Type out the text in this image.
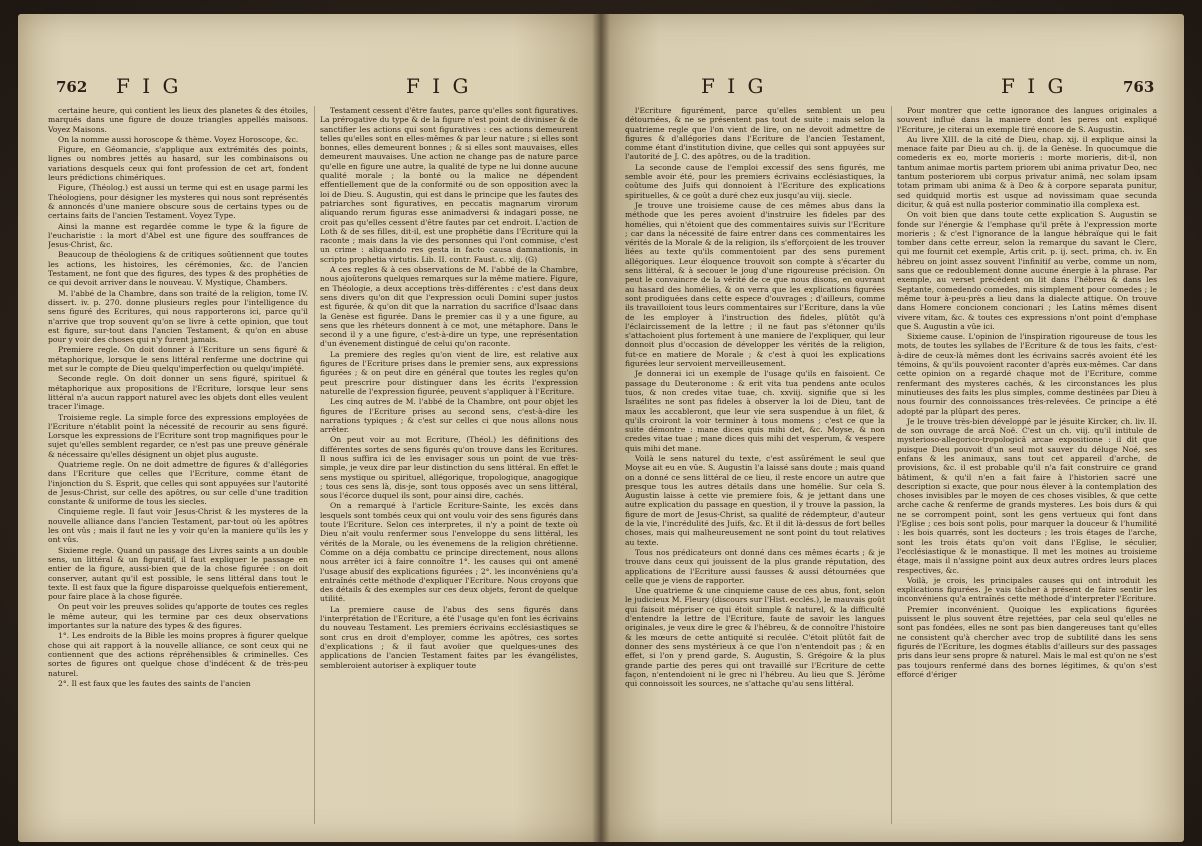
762 F I G	F I G

certaine heure, qui contient les lieux des planetes & des étoiles, marqués dans une figure de douze triangles appellés maisons. Voyez Maisons.

On la nomme aussi horoscope & thème. Voyez Horoscope, &c.

Figure, en Géomancie, s'applique aux extrémités des points, lignes ou nombres jettés au hasard, sur les combinaisons ou variations desquels ceux qui font profession de cet art, fondent leurs prédictions chimériques.

Figure, (Théolog.) est aussi un terme qui est en usage parmi les Théologiens, pour désigner les mysteres qui nous sont représentés & annoncés d'une maniere obscure sous de certains types ou de certains faits de l'ancien Testament. Voyez Type.

Ainsi la manne est regardée comme le type & la figure de l'eucharistie : la mort d'Abel est une figure des souffrances de Jesus-Christ, &c.

Beaucoup de théologiens & de critiques soûtiennent que toutes les actions, les histoires, les cérémonies, &c. de l'ancien Testament, ne font que des figures, des types & des prophéties de ce qui devoit arriver dans le nouveau. V. Mystique, Chambers.

M. l'abbé de la Chambre, dans son traité de la religion, tome IV. dissert. iv. p. 270. donne plusieurs regles pour l'intelligence du sens figuré des Ecritures, qui nous rapporterons ici, parce qu'il n'arrive que trop souvent qu'on se livre à cette opinion, que tout est figure, sur-tout dans l'ancien Testament, & qu'on en abuse pour y voir des choses qui n'y furent jamais.

Premiere regle. On doit donner à l'Ecriture un sens figuré & métaphorique, lorsque le sens littéral renferme une doctrine qui met sur le compte de Dieu quelqu'imperfection ou quelqu'impiété.

Seconde regle. On doit donner un sens figuré, spirituel & métaphorique aux propositions de l'Ecriture, lorsque leur sens littéral n'a aucun rapport naturel avec les objets dont elles veulent tracer l'image.

Troisieme regle. La simple force des expressions employées de l'Ecriture n'établit point la nécessité de recourir au sens figuré. Lorsque les expressions de l'Ecriture sont trop magnifiques pour le sujet qu'elles semblent regarder, ce n'est pas une preuve générale & nécessaire qu'elles désignent un objet plus auguste.

Quatrieme regle. On ne doit admettre de figures & d'allégories dans l'Ecriture que celles que l'Ecriture, comme étant de l'injonction du S. Esprit, que celles qui sont appuyées sur l'autorité de Jesus-Christ, sur celle des apôtres, ou sur celle d'une tradition constante & uniforme de tous les siecles.

Cinquieme regle. Il faut voir Jesus-Christ & les mysteres de la nouvelle alliance dans l'ancien Testament, par-tout où les apôtres les ont vûs ; mais il faut ne les y voir qu'en la maniere qu'ils les y ont vûs.

Sixieme regle. Quand un passage des Livres saints a un double sens, un littéral & un figuratif, il faut expliquer le passage en entier de la figure, aussi-bien que de la chose figurée : on doit conserver, autant qu'il est possible, le sens littéral dans tout le texte. Il est faux que la figure disparoisse quelquefois entierement, pour faire place à la chose figurée.

On peut voir les preuves solides qu'apporte de toutes ces regles le même auteur, qui les termine par ces deux observations importantes sur la nature des types & des figures.

1°. Les endroits de la Bible les moins propres à figurer quelque chose qui ait rapport à la nouvelle alliance, ce sont ceux qui ne contiennent que des actions répréhensibles & criminelles. Ces sortes de figures ont quelque chose d'indécent & de très-peu naturel.

2°. Il est faux que les fautes des saints de l'ancien

Testament cessent d'être fautes, parce qu'elles sont figuratives. La prérogative du type & de la figure n'est point de diviniser & de sanctifier les actions qui sont figuratives : ces actions demeurent telles qu'elles sont en elles-mêmes & par leur nature ; si elles sont bonnes, elles demeurent bonnes ; & si elles sont mauvaises, elles demeurent mauvaises. Une action ne change pas de nature parce qu'elle en figure une autre, la qualité de type ne lui donne aucune qualité morale ; la bonté ou la malice ne dépendent effentiellement que de la conformité ou de son opposition avec la loi de Dieu. S. Augustin, qui est dans le principe que les fautes des patriarches sont figuratives, en peccatis magnarum virorum aliquando rerum figuras esse animadversi & indagari posse, ne croit pas qu'elles cessent d'être fautes par cet endroit. L'action de Loth & de ses filles, dit-il, est une prophétie dans l'Ecriture qui la raconte ; mais dans la vie des personnes qui l'ont commise, c'est un crime : aliquando res gesta in facto causa damnationis, in scripto prophetia virtutis. Lib. II. contr. Faust. c. xlij. (G)

A ces regles & à ces observations de M. l'abbé de la Chambre, nous ajoûterons quelques remarques sur la même matiere. Figure, en Théologie, a deux acceptions très-différentes : c'est dans deux sens divers qu'on dit que l'expression oculi Domini super justos est figurée, & qu'on dit que la narration du sacrifice d'Isaac dans la Genèse est figurée. Dans le premier cas il y a une figure, au sens que les rhéteurs donnent à ce mot, une métaphore. Dans le second il y a une figure, c'est-à-dire un type, une représentation d'un évenement distingué de celui qu'on raconte.

La premiere des regles qu'on vient de lire, est relative aux figures de l'Ecriture prises dans le premier sens, aux expressions figurées ; & on peut dire en général que toutes les regles qu'on peut prescrire pour distinguer dans les écrits l'expression naturelle de l'expression figurée, peuvent s'appliquer à l'Ecriture.

Les cinq autres de M. l'abbé de la Chambre, ont pour objet les figures de l'Ecriture prises au second sens, c'est-à-dire les narrations typiques ; & c'est sur celles ci que nous allons nous arrêter.

On peut voir au mot Ecriture, (Théol.) les définitions des différentes sortes de sens figurés qu'on trouve dans les Ecritures. Il nous suffira ici de les envisager sous un point de vue très-simple, je veux dire par leur distinction du sens littéral. En effet le sens mystique ou spirituel, allégorique, tropologique, anagogique ; tous ces sens là, dis-je, sont tous opposés avec un sens littéral, sous l'écorce duquel ils sont, pour ainsi dire, cachés.

On a remarqué à l'article Ecriture-Sainte, les excès dans lesquels sont tombés ceux qui ont voulu voir des sens figurés dans toute l'Ecriture. Selon ces interpretes, il n'y a point de texte où Dieu n'ait voulu renfermer sous l'enveloppe du sens littéral, les vérités de la Morale, ou les évenemens de la religion chrétienne. Comme on a déja combattu ce principe directement, nous allons nous arrêter ici à faire connoître 1°. les causes qui ont amené l'usage abusif des explications figurées ; 2°. les inconvéniens qu'a entraînés cette méthode d'expliquer l'Ecriture. Nous croyons que des détails & des exemples sur ces deux objets, feront de quelque utilité.

La premiere cause de l'abus des sens figurés dans l'interprétation de l'Ecriture, a été l'usage qu'en font les écrivains du nouveau Testament. Les premiers écrivains ecclésiastiques se sont crus en droit d'employer, comme les apôtres, ces sortes d'explications ; & il faut avoüer que quelques-unes des applications de l'ancien Testament faites par les évangélistes, sembleroient autoriser à expliquer toute

F I G	F I G	763

l'Ecriture figurément, parce qu'elles semblent un peu détournées, & ne se présentent pas tout de suite : mais selon la quatrieme regle que l'on vient de lire, on ne devoit admettre de figures & d'allégories dans l'Ecriture de l'ancien Testament, comme étant d'institution divine, que celles qui sont appuyées sur l'autorité de J. C. des apôtres, ou de la tradition.

La seconde cause de l'emploi excessif des sens figurés, me semble avoir été, pour les premiers écrivains ecclésiastiques, la coûtume des Juifs qui donnoient à l'Ecriture des explications spirituelles, & ce goût a duré chez eux jusqu'au viij. siecle.

Je trouve une troisieme cause de ces mêmes abus dans la méthode que les peres avoient d'instruire les fideles par des homélies, qui n'étoient que des commentaires suivis sur l'Ecriture ; car dans la nécessité de faire entrer dans ces commentaires les vérités de la Morale & de la religion, ils s'efforçoient de les trouver liées au texte qu'ils commentoient par des sens purement allégoriques. Leur éloquence trouvoit son compte à s'écarter du sens littéral, & à secouer le joug d'une rigoureuse précision. On peut le convaincre de la vérité de ce que nous disons, en ouvrant au hasard des homélies, & on verra que les explications figurées sont prodiguées dans cette espece d'ouvrages ; d'ailleurs, comme ils travailloient tous leurs commentaires sur l'Ecriture, dans la vûe de les employer à l'instruction des fideles, plûtôt qu'à l'éclaircissement de la lettre ; il ne faut pas s'étonner qu'ils s'attachoient plus fortement à une maniere de l'expliquer, qui leur donnoit plus d'occasion de développer les vérités de la religion, fut-ce en matiere de Morale ; & c'est à quoi les explications figurées leur servoient merveilleusement.

Je donnerai ici un exemple de l'usage qu'ils en faisoient. Ce passage du Deuteronome : & erit vita tua pendens ante oculos tuos, & non credes vitae tuae, ch. xxviij. signifie que si les Israélites ne sont pas fideles à observer la loi de Dieu, tant de maux les accableront, que leur vie sera suspendue à un filet, & qu'ils croiront la voir terminer à tous momens ; c'est ce que la suite démontre : mane dices quis mihi det, &c. Moyse, & non credes vitae tuae ; mane dices quis mihi det vesperum, & vespere quis mihi det mane.

Voilà le sens naturel du texte, c'est assûrément le seul que Moyse ait eu en vûe. S. Augustin l'a laissé sans doute ; mais quand on a donné ce sens littéral de ce lieu, il reste encore un autre que presque tous les autres détails dans une homélie. Sur cela S. Augustin laisse à cette vie premiere fois, & je jettant dans une autre explication du passage en question, il y trouve la passion, la figure de mort de Jesus-Christ, sa qualité de rédempteur, d'auteur de la vie, l'incrédulité des Juifs, &c. Et il dit là-dessus de fort belles choses, mais qui malheureusement ne sont point du tout relatives au texte.

Tous nos prédicateurs ont donné dans ces mêmes écarts ; & je trouve dans ceux qui jouissent de la plus grande réputation, des applications de l'Ecriture aussi fausses & aussi détournées que celle que je viens de rapporter.

Une quatrieme & une cinquieme cause de ces abus, font, selon le judicieux M. Fleury (discours sur l'Hist. ecclés.), le mauvais goût qui faisoit mépriser ce qui étoit simple & naturel, & la difficulté d'entendre la lettre de l'Ecriture, faute de savoir les langues originales, je veux dire le grec & l'hébreu, & de connoître l'histoire & les mœurs de cette antiquité si reculée. C'étoit plûtôt fait de donner des sens mystérieux à ce que l'on n'entendoit pas ; & en effet, si l'on y prend garde, S. Augustin, S. Grégoire & la plus grande partie des peres qui ont travaillé sur l'Ecriture de cette façon, n'entendoient ni le grec ni l'hébreu. Au lieu que S. Jérôme qui connoissoit les sources, ne s'attache qu'au sens littéral.

Pour montrer que cette ignorance des langues originales a souvent influé dans la maniere dont les peres ont expliqué l'Ecriture, je citerai un exemple tiré encore de S. Augustin.

Au livre XIII. de la cité de Dieu, chap. xij. il explique ainsi la menace faite par Dieu au ch. ij. de la Genèse. In quocumque die comederis ex eo, morte morieris : morte morieris, dit-il, non tantum animae mortis partem priorem ubi anima privatur Deo, nec tantum posteriorem ubi corpus privatur animâ, nec solam ipsam totam primam ubi anima & à Deo & à corpore separata punitur, sed quidquid mortis est usque ad novissimam quae secunda dicitur, & quâ est nulla posterior comminatio illa complexa est.

On voit bien que dans toute cette explication S. Augustin se fonde sur l'énergie & l'emphase qu'il prête à l'expression morte morieris ; & c'est l'ignorance de la langue hébraïque qui le fait tomber dans cette erreur, selon la remarque du savant le Clerc, qui me fournit cet exemple, Artis crit. p. ij. sect. prima, ch. iv. En hébreu on joint assez souvent l'infinitif au verbe, comme un nom, sans que ce redoublement donne aucune énergie à la phrase. Par exemple, au verset précédent on lit dans l'hébreu & dans les Septante, comedendo comedes, mis simplement pour comedes ; le même tour à-peu-près a lieu dans la dialecte attique. On trouve dans Homere concionem concionari ; les Latins mêmes disent vivere vitam, &c. & toutes ces expressions n'ont point d'emphase que S. Augustin a vûe ici.

Sixieme cause. L'opinion de l'inspiration rigoureuse de tous les mots, de toutes les syllabes de l'Ecriture & de tous les faits, c'est-à-dire de ceux-là mêmes dont les écrivains sacrés avoient été les témoins, & qu'ils pouvoient raconter d'après eux-mêmes. Car dans cette opinion on a regardé chaque mot de l'Ecriture, comme renfermant des mysteres cachés, & les circonstances les plus minutieuses des faits les plus simples, comme destinées par Dieu à nous fournir des connoissances très-relevées. Ce principe a été adopté par la plûpart des peres.

Je le trouve très-bien développé par le jésuite Kircker, ch. liv. II. de son ouvrage de arcâ Noë. C'est un ch. viij. qu'il intitule de mysterioso-allegorico-tropologicâ arcae expositione : il dit que puisque Dieu pouvoit d'un seul mot sauver du déluge Noé, ses enfans & les animaux, sans tout cet appareil d'arche, de provisions, &c. il est probable qu'il n'a fait construire ce grand bâtiment, & qu'il n'en a fait faire à l'historien sacré une description si exacte, que pour nous élever à la contemplation des choses invisibles par le moyen de ces choses visibles, & que cette arche cache & renferme de grands mysteres. Les bois durs & qui ne se corrompent point, sont les gens vertueux qui font dans l'Eglise ; ces bois sont polis, pour marquer la douceur & l'humilité : les bois quarrés, sont les docteurs ; les trois étages de l'arche, sont les trois états qu'on voit dans l'Eglise, le séculier, l'ecclésiastique & le monastique. Il met les moines au troisieme étage, mais il n'assigne point aux deux autres ordres leurs places respectives, &c.

Voilà, je crois, les principales causes qui ont introduit les explications figurées. Je vais tâcher à présent de faire sentir les inconvéniens qu'a entraînés cette méthode d'interpreter l'Ecriture.

Premier inconvénient. Quoique les explications figurées puissent le plus souvent être rejettées, par cela seul qu'elles ne sont pas fondées, elles ne sont pas bien dangereuses tant qu'elles ne consistent qu'à chercher avec trop de subtilité dans les sens figurés de l'Ecriture, les dogmes établis d'ailleurs sur des passages pris dans leur sens propre & naturel. Mais le mal est qu'on ne s'est pas toujours renfermé dans des bornes légitimes, & qu'on s'est efforcé d'ériger
